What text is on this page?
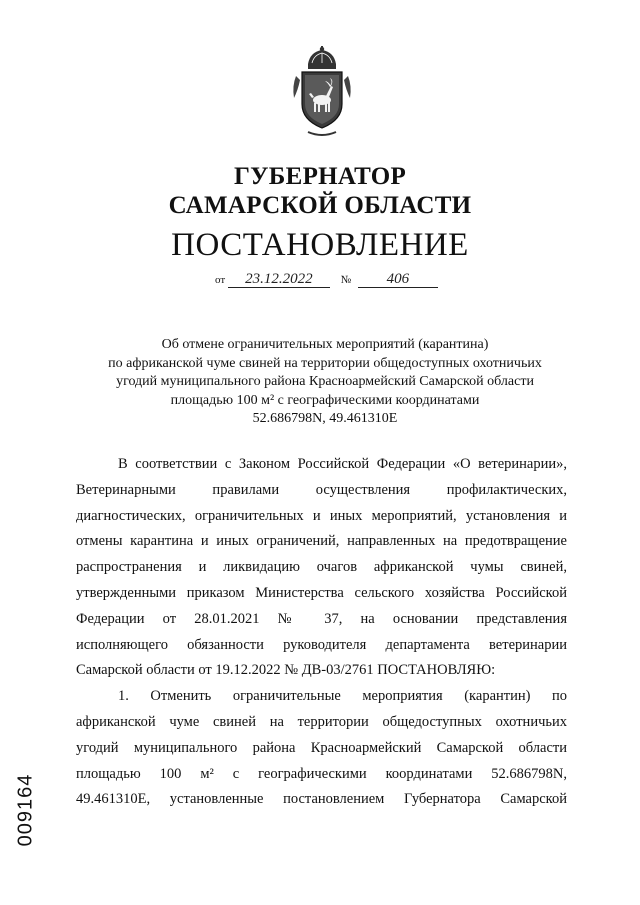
ГУБЕРНАТОР
САМАРСКОЙ ОБЛАСТИ
ПОСТАНОВЛЕНИЕ
от 23.12.2022	№ 406
Об отмене ограничительных мероприятий (карантина)
по африканской чуме свиней на территории общедоступных охотничьих
угодий муниципального района Красноармейский Самарской области
площадью 100 м² с географическими координатами
52.686798N, 49.461310E
В соответствии с Законом Российской Федерации «О ветеринарии»,
Ветеринарными правилами осуществления профилактических,
диагностических, ограничительных и иных мероприятий, установления и
отмены карантина и иных ограничений, направленных на предотвращение
распространения и ликвидацию очагов африканской чумы свиней,
утвержденными приказом Министерства сельского хозяйства Российской
Федерации от 28.01.2021 № 37, на основании представления
исполняющего обязанности руководителя департамента ветеринарии
Самарской области от 19.12.2022 № ДВ-03/2761 ПОСТАНОВЛЯЮ:
1. Отменить ограничительные мероприятия (карантин) по
африканской чуме свиней на территории общедоступных охотничьих
угодий муниципального района Красноармейский Самарской области
площадью 100 м² с географическими координатами 52.686798N,
49.461310E, установленные постановлением Губернатора Самарской
009164
